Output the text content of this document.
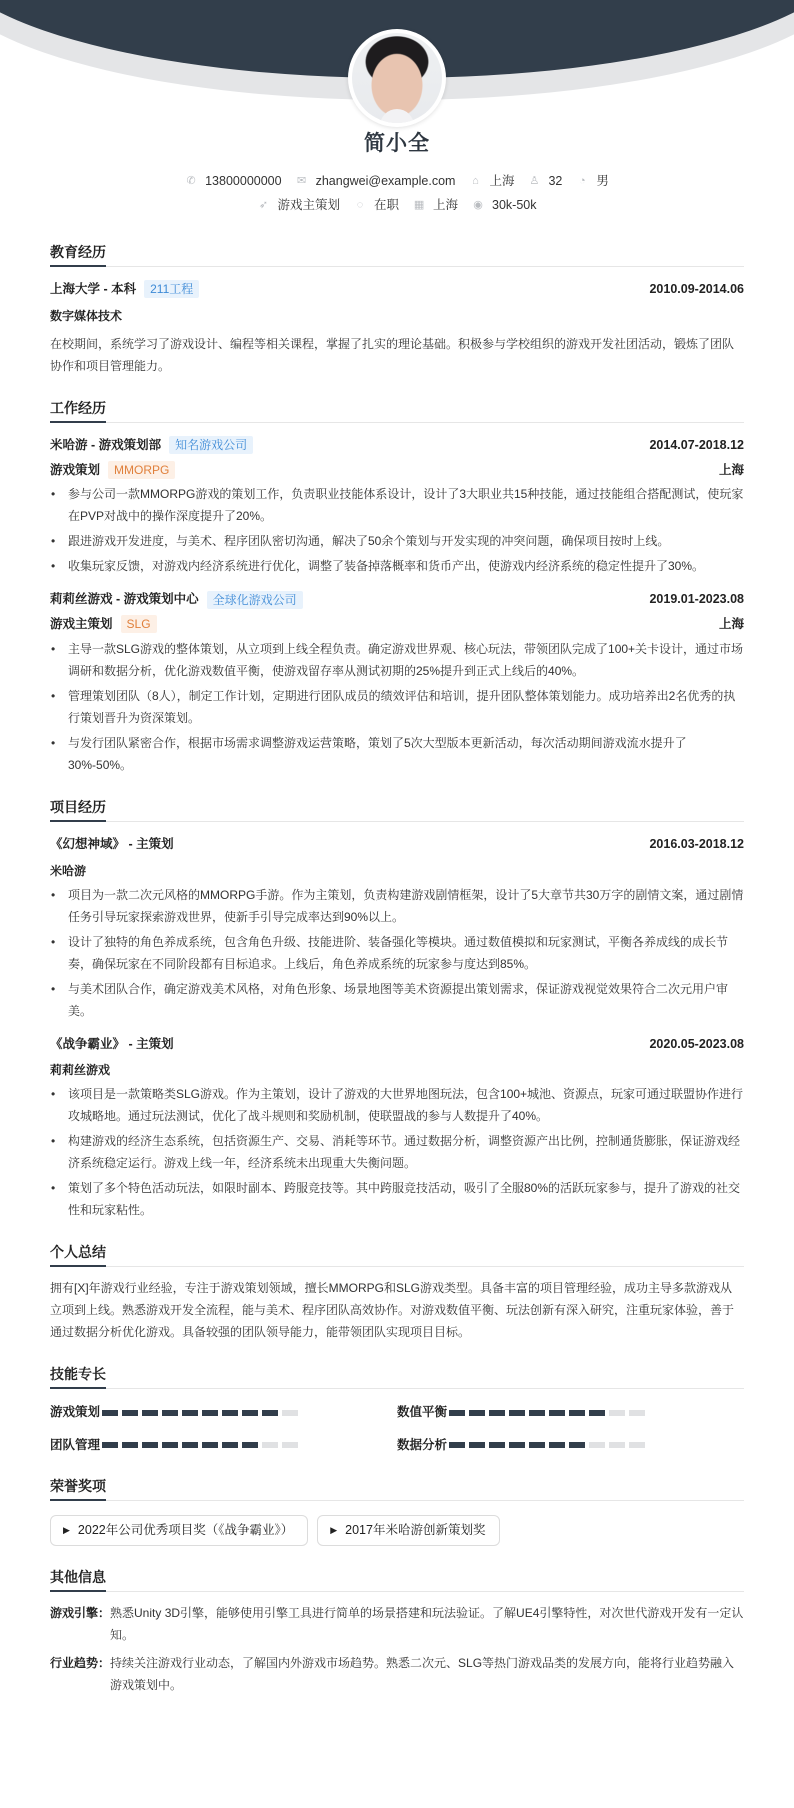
简小全
✆ 13800000000 ✉ zhangwei@example.com ⌂ 上海 ♙ 32 ◔ 男
➶ 游戏主策划 ◌ 在职 ▦ 上海 ◉ 30k-50k
教育经历
上海大学 - 本科	211工程	2010.09-2014.06
数字媒体技术
在校期间，系统学习了游戏设计、编程等相关课程，掌握了扎实的理论基础。积极参与学校组织的游戏开发社团活动，锻炼了团队协作和项目管理能力。
工作经历
米哈游 - 游戏策划部	知名游戏公司	2014.07-2018.12
游戏策划	MMORPG	上海
• 参与公司一款MMORPG游戏的策划工作，负责职业技能体系设计，设计了3大职业共15种技能，通过技能组合搭配测试，使玩家在PVP对战中的操作深度提升了20%。
• 跟进游戏开发进度，与美术、程序团队密切沟通，解决了50余个策划与开发实现的冲突问题，确保项目按时上线。
• 收集玩家反馈，对游戏内经济系统进行优化，调整了装备掉落概率和货币产出，使游戏内经济系统的稳定性提升了30%。
莉莉丝游戏 - 游戏策划中心	全球化游戏公司	2019.01-2023.08
游戏主策划	SLG	上海
• 主导一款SLG游戏的整体策划，从立项到上线全程负责。确定游戏世界观、核心玩法，带领团队完成了100+关卡设计，通过市场调研和数据分析，优化游戏数值平衡，使游戏留存率从测试初期的25%提升到正式上线后的40%。
• 管理策划团队（8人），制定工作计划，定期进行团队成员的绩效评估和培训，提升团队整体策划能力。成功培养出2名优秀的执行策划晋升为资深策划。
• 与发行团队紧密合作，根据市场需求调整游戏运营策略，策划了5次大型版本更新活动，每次活动期间游戏流水提升了30%-50%。
项目经历
《幻想神域》 - 主策划	2016.03-2018.12
米哈游
• 项目为一款二次元风格的MMORPG手游。作为主策划，负责构建游戏剧情框架，设计了5大章节共30万字的剧情文案，通过剧情任务引导玩家探索游戏世界，使新手引导完成率达到90%以上。
• 设计了独特的角色养成系统，包含角色升级、技能进阶、装备强化等模块。通过数值模拟和玩家测试，平衡各养成线的成长节奏，确保玩家在不同阶段都有目标追求。上线后，角色养成系统的玩家参与度达到85%。
• 与美术团队合作，确定游戏美术风格，对角色形象、场景地图等美术资源提出策划需求，保证游戏视觉效果符合二次元用户审美。
《战争霸业》 - 主策划	2020.05-2023.08
莉莉丝游戏
• 该项目是一款策略类SLG游戏。作为主策划，设计了游戏的大世界地图玩法，包含100+城池、资源点，玩家可通过联盟协作进行攻城略地。通过玩法测试，优化了战斗规则和奖励机制，使联盟战的参与人数提升了40%。
• 构建游戏的经济生态系统，包括资源生产、交易、消耗等环节。通过数据分析，调整资源产出比例，控制通货膨胀，保证游戏经济系统稳定运行。游戏上线一年，经济系统未出现重大失衡问题。
• 策划了多个特色活动玩法，如限时副本、跨服竞技等。其中跨服竞技活动，吸引了全服80%的活跃玩家参与，提升了游戏的社交性和玩家粘性。
个人总结
拥有[X]年游戏行业经验，专注于游戏策划领域，擅长MMORPG和SLG游戏类型。具备丰富的项目管理经验，成功主导多款游戏从立项到上线。熟悉游戏开发全流程，能与美术、程序团队高效协作。对游戏数值平衡、玩法创新有深入研究，注重玩家体验，善于通过数据分析优化游戏。具备较强的团队领导能力，能带领团队实现项目目标。
技能专长
游戏策划	数值平衡
团队管理	数据分析
荣誉奖项
▶ 2022年公司优秀项目奖（《战争霸业》）	▶ 2017年米哈游创新策划奖
其他信息
游戏引擎： 熟悉Unity 3D引擎，能够使用引擎工具进行简单的场景搭建和玩法验证。了解UE4引擎特性，对次世代游戏开发有一定认知。
行业趋势： 持续关注游戏行业动态，了解国内外游戏市场趋势。熟悉二次元、SLG等热门游戏品类的发展方向，能将行业趋势融入游戏策划中。
